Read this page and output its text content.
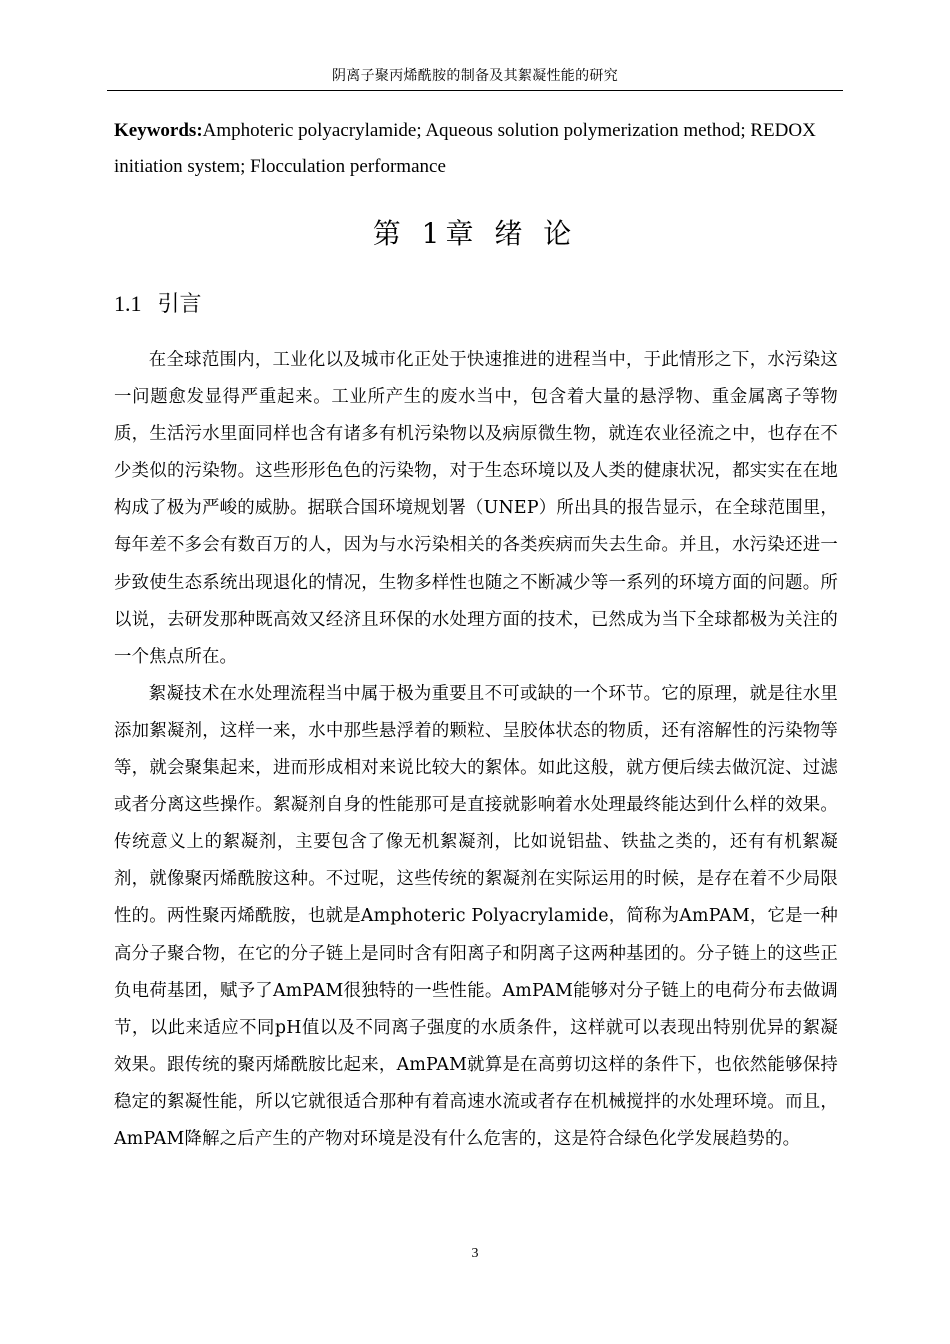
阴离子聚丙烯酰胺的制备及其絮凝性能的研究
Keywords:Amphoteric polyacrylamide; Aqueous solution polymerization method; REDOX initiation system; Flocculation performance
第 1章 绪 论
1.1 引言

在全球范围内，工业化以及城市化正处于快速推进的进程当中，于此情形之下，水污染这一问题愈发显得严重起来。工业所产生的废水当中，包含着大量的悬浮物、重金属离子等物质，生活污水里面同样也含有诸多有机污染物以及病原微生物，就连农业径流之中，也存在不少类似的污染物。这些形形色色的污染物，对于生态环境以及人类的健康状况，都实实在在地构成了极为严峻的威胁。据联合国环境规划署（UNEP）所出具的报告显示，在全球范围里，每年差不多会有数百万的人，因为与水污染相关的各类疾病而失去生命。并且，水污染还进一步致使生态系统出现退化的情况，生物多样性也随之不断减少等一系列的环境方面的问题。所以说，去研发那种既高效又经济且环保的水处理方面的技术，已然成为当下全球都极为关注的一个焦点所在。

絮凝技术在水处理流程当中属于极为重要且不可或缺的一个环节。它的原理，就是往水里添加絮凝剂，这样一来，水中那些悬浮着的颗粒、呈胶体状态的物质，还有溶解性的污染物等等，就会聚集起来，进而形成相对来说比较大的絮体。如此这般，就方便后续去做沉淀、过滤或者分离这些操作。絮凝剂自身的性能那可是直接就影响着水处理最终能达到什么样的效果。传统意义上的絮凝剂，主要包含了像无机絮凝剂，比如说铝盐、铁盐之类的，还有有机絮凝剂，就像聚丙烯酰胺这种。不过呢，这些传统的絮凝剂在实际运用的时候，是存在着不少局限性的。两性聚丙烯酰胺，也就是Amphoteric Polyacrylamide，简称为AmPAM，它是一种高分子聚合物，在它的分子链上是同时含有阳离子和阴离子这两种基团的。分子链上的这些正负电荷基团，赋予了AmPAM很独特的一些性能。AmPAM能够对分子链上的电荷分布去做调节，以此来适应不同pH值以及不同离子强度的水质条件，这样就可以表现出特别优异的絮凝效果。跟传统的聚丙烯酰胺比起来，AmPAM就算是在高剪切这样的条件下，也依然能够保持稳定的絮凝性能，所以它就很适合那种有着高速水流或者存在机械搅拌的水处理环境。而且，AmPAM降解之后产生的产物对环境是没有什么危害的，这是符合绿色化学发展趋势的。

3
